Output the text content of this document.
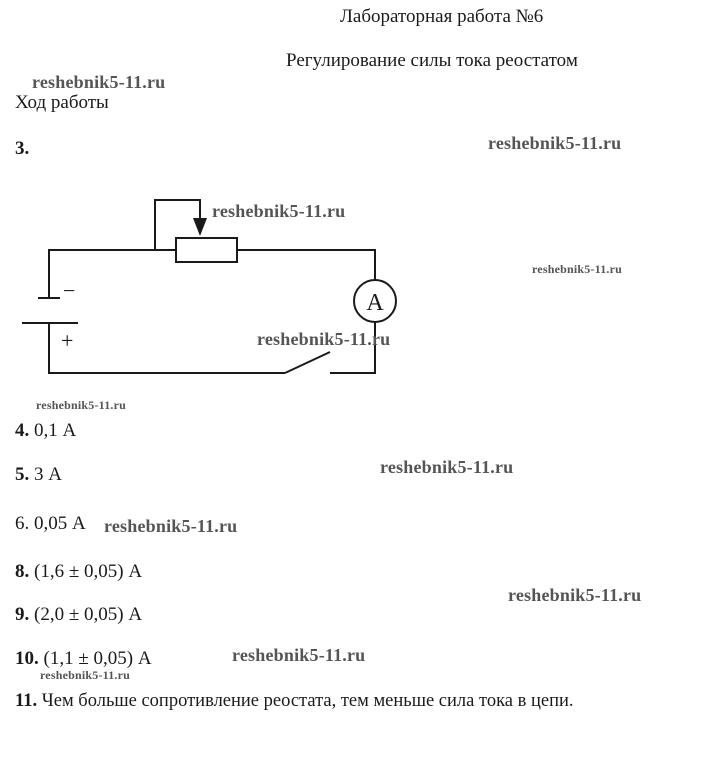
Лабораторная работа №6
Регулирование силы тока реостатом
Ход работы
3.
A
−
+
4. 0,1 А
5. 3 А
6. 0,05 А
8. (1,6 ± 0,05) А
9. (2,0 ± 0,05) А
10. (1,1 ± 0,05) А
11. Чем больше сопротивление реостата, тем меньше сила тока в цепи.
reshebnik5-11.ru
reshebnik5-11.ru
reshebnik5-11.ru
reshebnik5-11.ru
reshebnik5-11.ru
reshebnik5-11.ru
reshebnik5-11.ru
reshebnik5-11.ru
reshebnik5-11.ru
reshebnik5-11.ru
reshebnik5-11.ru
